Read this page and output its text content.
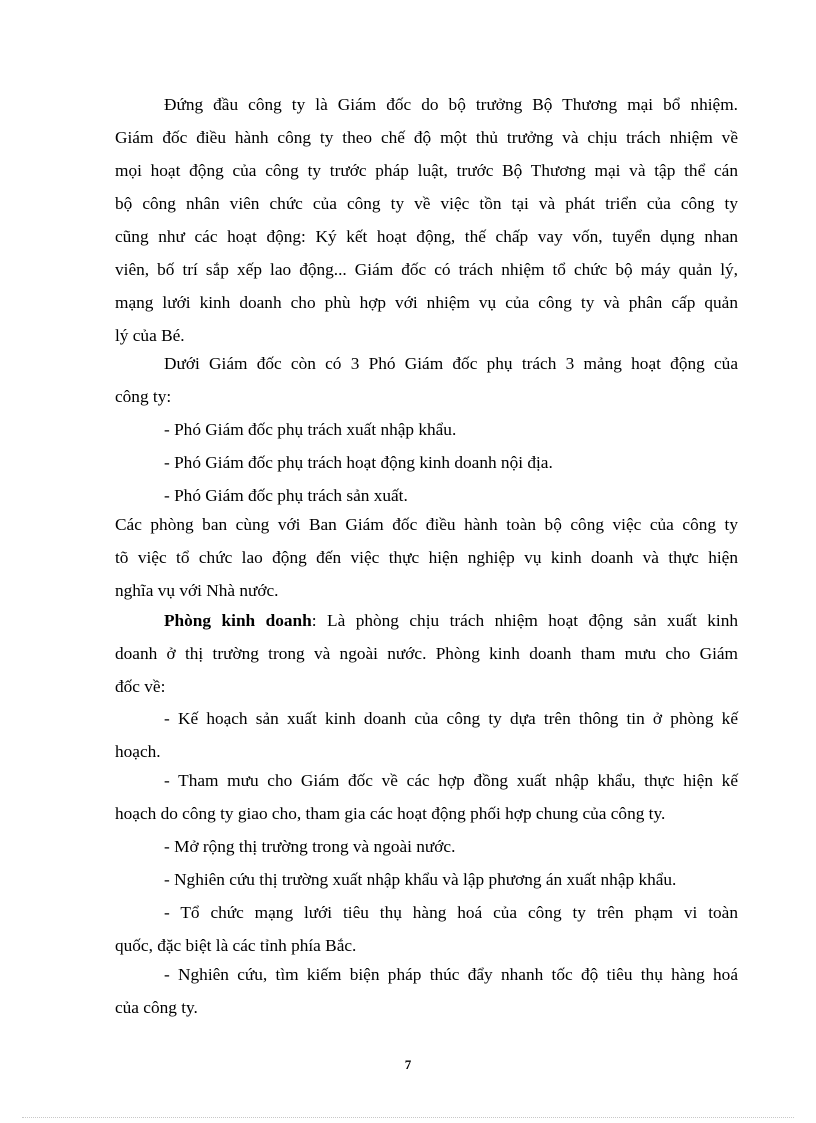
Đứng đầu công ty là Giám đốc do bộ trưởng Bộ Thương mại bổ nhiệm.
Giám đốc điều hành công ty theo chế độ một thủ trưởng và chịu trách nhiệm về
mọi hoạt động của công ty trước pháp luật, trước Bộ Thương mại và tập thể cán
bộ công nhân viên chức của công ty về việc tồn tại và phát triển của công ty
cũng như các hoạt động: Ký kết hoạt động, thế chấp vay vốn, tuyển dụng nhan
viên, bố trí sắp xếp lao động... Giám đốc có trách nhiệm tổ chức bộ máy quản lý,
mạng lưới kinh doanh cho phù hợp với nhiệm vụ của công ty và phân cấp quản
lý của Bé.
Dưới Giám đốc còn có 3 Phó Giám đốc phụ trách 3 mảng hoạt động của
công ty:
- Phó Giám đốc phụ trách xuất nhập khẩu.
- Phó Giám đốc phụ trách hoạt động kinh doanh nội địa.
- Phó Giám đốc phụ trách sản xuất.
Các phòng ban cùng với Ban Giám đốc điều hành toàn bộ công việc của công ty
tõ việc tổ chức lao động đến việc thực hiện nghiệp vụ kinh doanh và thực hiện
nghĩa vụ với Nhà nước.
Phòng kinh doanh: Là phòng chịu trách nhiệm hoạt động sản xuất kinh
doanh ở thị trường trong và ngoài nước. Phòng kinh doanh tham mưu cho Giám
đốc về:
- Kế hoạch sản xuất kinh doanh của công ty dựa trên thông tin ở phòng kế
hoạch.
- Tham mưu cho Giám đốc về các hợp đồng xuất nhập khẩu, thực hiện kế
hoạch do công ty giao cho, tham gia các hoạt động phối hợp chung của công ty.
- Mở rộng thị trường trong và ngoài nước.
- Nghiên cứu thị trường xuất nhập khẩu và lập phương án xuất nhập khẩu.
- Tổ chức mạng lưới tiêu thụ hàng hoá của công ty trên phạm vi toàn
quốc, đặc biệt là các tỉnh phía Bắc.
- Nghiên cứu, tìm kiếm biện pháp thúc đẩy nhanh tốc độ tiêu thụ hàng hoá
của công ty.
7
